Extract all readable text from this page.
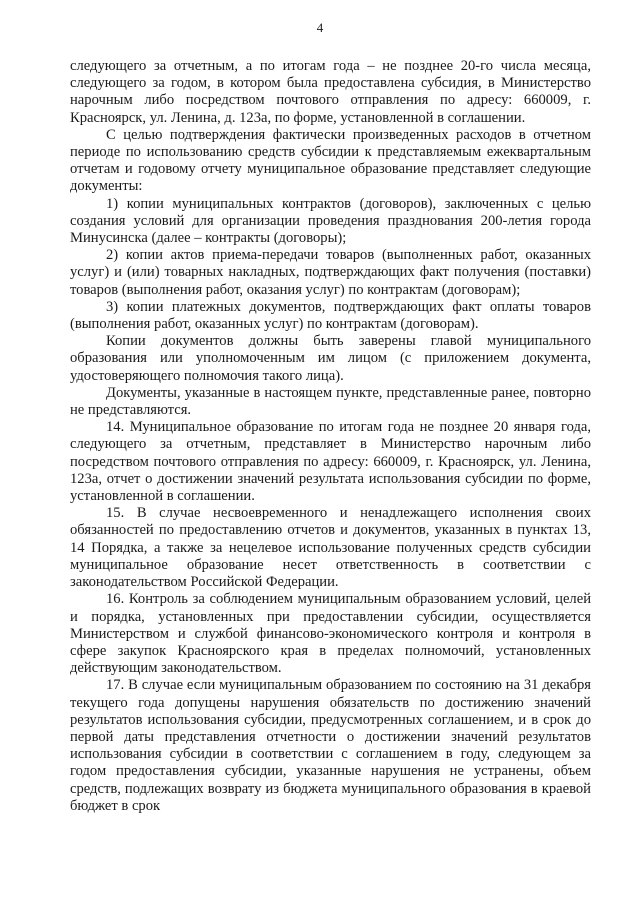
4

следующего за отчетным, а по итогам года – не позднее 20-го числа месяца, следующего за годом, в котором была предоставлена субсидия, в Министерство нарочным либо посредством почтового отправления по адресу: 660009, г. Красноярск, ул. Ленина, д. 123а, по форме, установленной в соглашении.

С целью подтверждения фактически произведенных расходов в отчетном периоде по использованию средств субсидии к представляемым ежеквартальным отчетам и годовому отчету муниципальное образование представляет следующие документы:

1) копии муниципальных контрактов (договоров), заключенных с целью создания условий для организации проведения празднования 200-летия города Минусинска (далее – контракты (договоры);

2) копии актов приема-передачи товаров (выполненных работ, оказанных услуг) и (или) товарных накладных, подтверждающих факт получения (поставки) товаров (выполнения работ, оказания услуг) по контрактам (договорам);

3) копии платежных документов, подтверждающих факт оплаты товаров (выполнения работ, оказанных услуг) по контрактам (договорам).

Копии документов должны быть заверены главой муниципального образования или уполномоченным им лицом (с приложением документа, удостоверяющего полномочия такого лица).

Документы, указанные в настоящем пункте, представленные ранее, повторно не представляются.

14. Муниципальное образование по итогам года не позднее 20 января года, следующего за отчетным, представляет в Министерство нарочным либо посредством почтового отправления по адресу: 660009, г. Красноярск, ул. Ленина, 123а, отчет о достижении значений результата использования субсидии по форме, установленной в соглашении.

15. В случае несвоевременного и ненадлежащего исполнения своих обязанностей по предоставлению отчетов и документов, указанных в пунктах 13, 14 Порядка, а также за нецелевое использование полученных средств субсидии муниципальное образование несет ответственность в соответствии с законодательством Российской Федерации.

16. Контроль за соблюдением муниципальным образованием условий, целей и порядка, установленных при предоставлении субсидии, осуществляется Министерством и службой финансово-экономического контроля и контроля в сфере закупок Красноярского края в пределах полномочий, установленных действующим законодательством.

17. В случае если муниципальным образованием по состоянию на 31 декабря текущего года допущены нарушения обязательств по достижению значений результатов использования субсидии, предусмотренных соглашением, и в срок до первой даты представления отчетности о достижении значений результатов использования субсидии в соответствии с соглашением в году, следующем за годом предоставления субсидии, указанные нарушения не устранены, объем средств, подлежащих возврату из бюджета муниципального образования в краевой бюджет в срок
